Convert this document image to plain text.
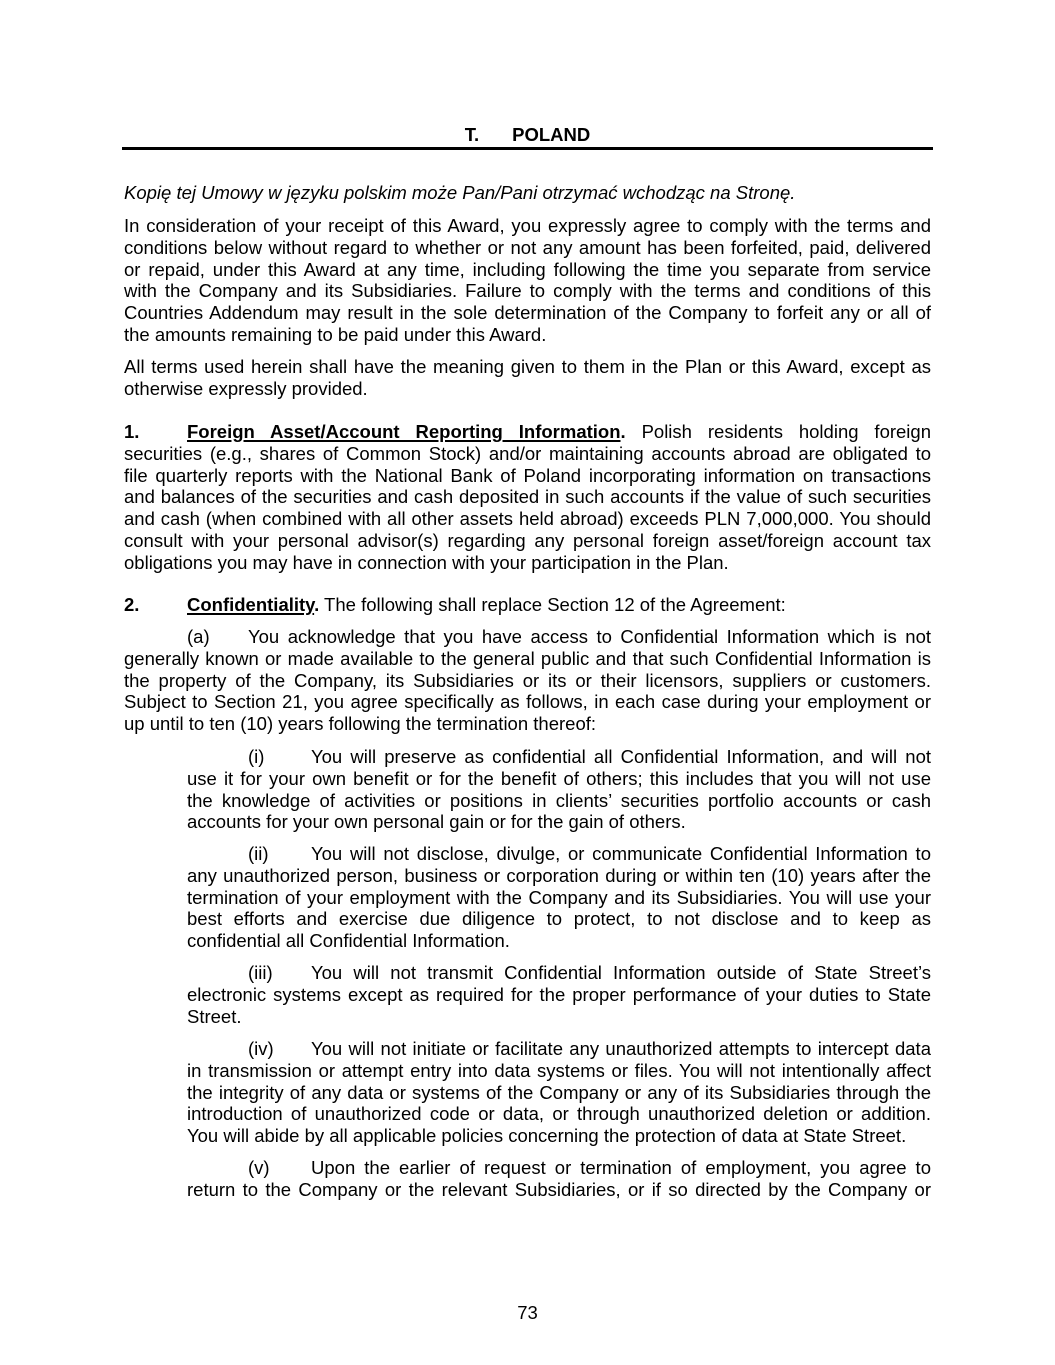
T. POLAND
Kopię tej Umowy w języku polskim może Pan/Pani otrzymać wchodząc na Stronę.
In consideration of your receipt of this Award, you expressly agree to comply with the terms and
conditions below without regard to whether or not any amount has been forfeited, paid, delivered
or repaid, under this Award at any time, including following the time you separate from service
with the Company and its Subsidiaries. Failure to comply with the terms and conditions of this
Countries Addendum may result in the sole determination of the Company to forfeit any or all of
the amounts remaining to be paid under this Award.
All terms used herein shall have the meaning given to them in the Plan or this Award, except as
otherwise expressly provided.
1.	Foreign Asset/Account Reporting Information. Polish residents holding foreign
securities (e.g., shares of Common Stock) and/or maintaining accounts abroad are obligated to
file quarterly reports with the National Bank of Poland incorporating information on transactions
and balances of the securities and cash deposited in such accounts if the value of such securities
and cash (when combined with all other assets held abroad) exceeds PLN 7,000,000. You should
consult with your personal advisor(s) regarding any personal foreign asset/foreign account tax
obligations you may have in connection with your participation in the Plan.
2.	Confidentiality. The following shall replace Section 12 of the Agreement:
(a) You acknowledge that you have access to Confidential Information which is not
generally known or made available to the general public and that such Confidential Information is
the property of the Company, its Subsidiaries or its or their licensors, suppliers or customers.
Subject to Section 21, you agree specifically as follows, in each case during your employment or
up until to ten (10) years following the termination thereof:
(i)	You will preserve as confidential all Confidential Information, and will not
use it for your own benefit or for the benefit of others; this includes that you will not use
the knowledge of activities or positions in clients’ securities portfolio accounts or cash
accounts for your own personal gain or for the gain of others.
(ii) You will not disclose, divulge, or communicate Confidential Information to
any unauthorized person, business or corporation during or within ten (10) years after the
termination of your employment with the Company and its Subsidiaries. You will use your
best efforts and exercise due diligence to protect, to not disclose and to keep as
confidential all Confidential Information.
(iii) You will not transmit Confidential Information outside of State Street’s
electronic systems except as required for the proper performance of your duties to State
Street.
(iv) You will not initiate or facilitate any unauthorized attempts to intercept data
in transmission or attempt entry into data systems or files. You will not intentionally affect
the integrity of any data or systems of the Company or any of its Subsidiaries through the
introduction of unauthorized code or data, or through unauthorized deletion or addition.
You will abide by all applicable policies concerning the protection of data at State Street.
(v) Upon the earlier of request or termination of employment, you agree to
return to the Company or the relevant Subsidiaries, or if so directed by the Company or
73
